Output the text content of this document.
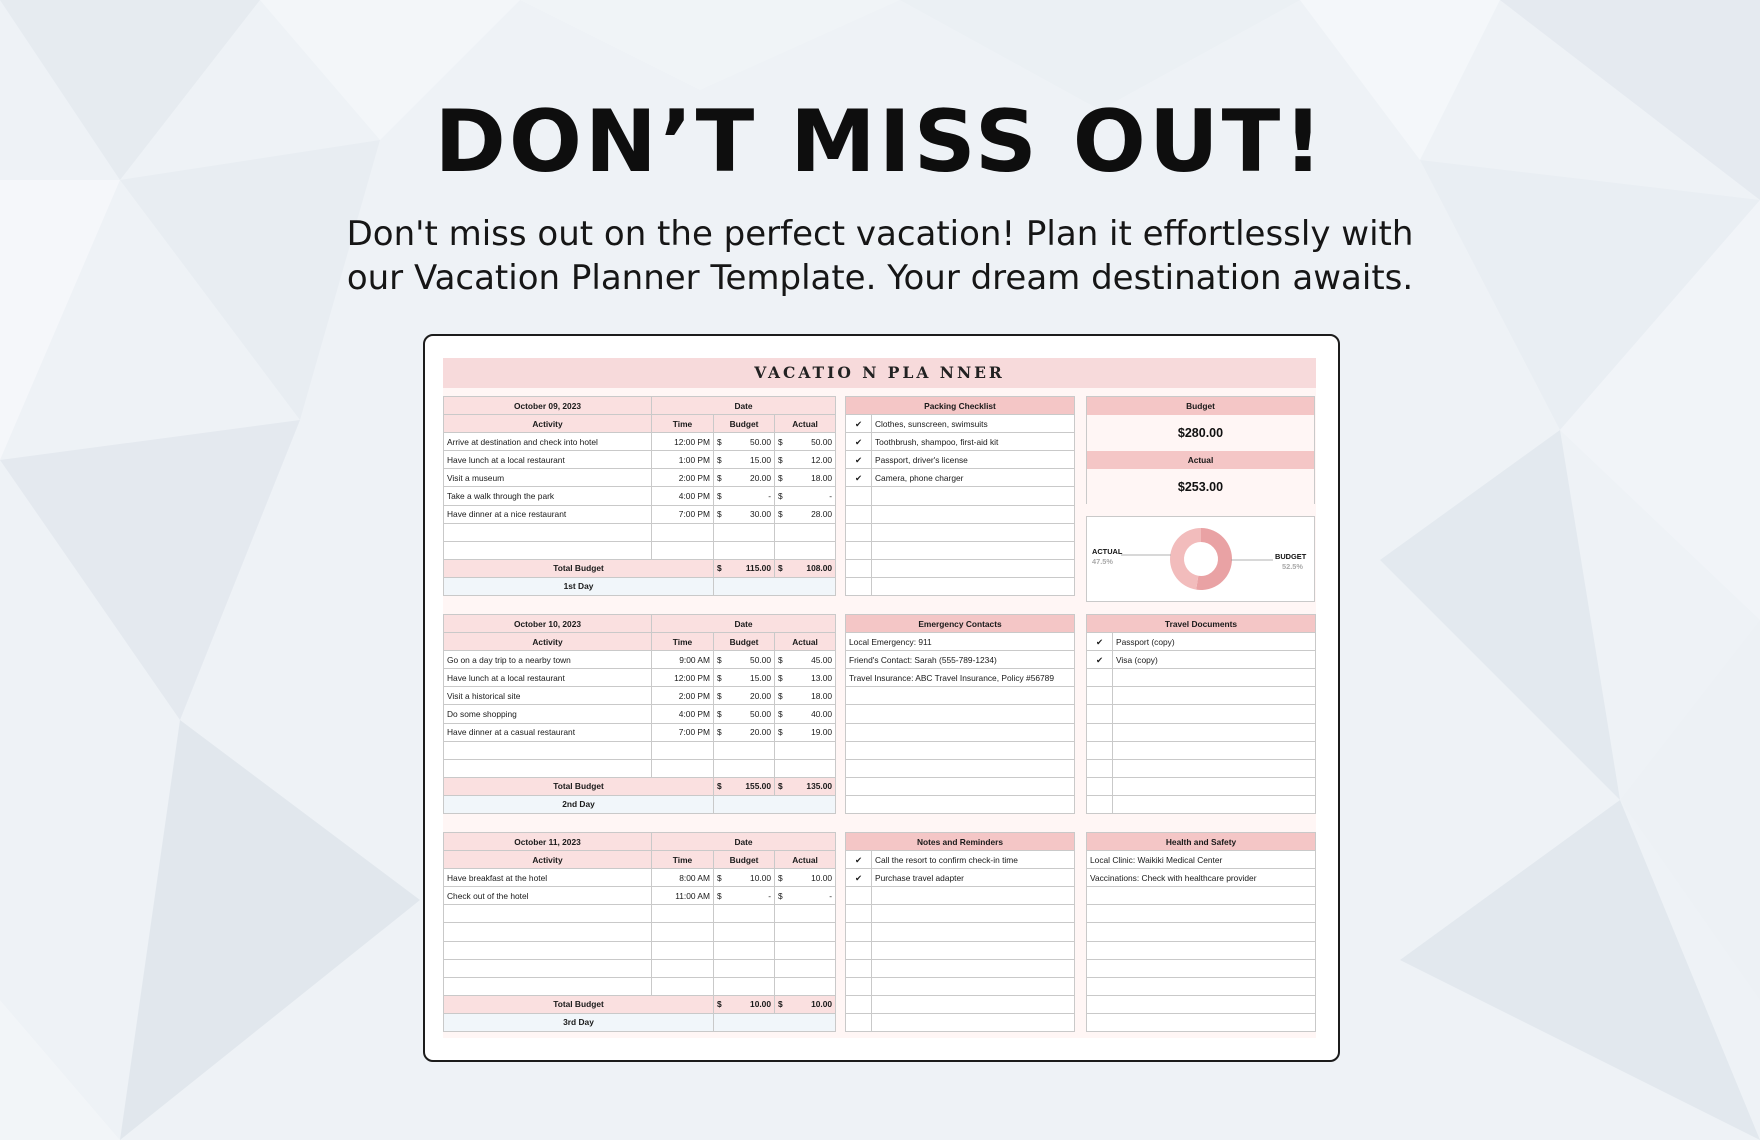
DON’T MISS OUT!
Don't miss out on the perfect vacation! Plan it effortlessly with
our Vacation Planner Template. Your dream destination awaits.
VACATIO N PLA NNER
October 09, 2023	Date		
Activity	Time	Budget	Actual
Arrive at destination and check into hotel	12:00 PM	$ 50.00	$ 50.00

Have lunch at a local restaurant	1:00 PM	$ 15.00	$ 12.00

Visit a museum	2:00 PM	$ 20.00	$ 18.00

Take a walk through the park	4:00 PM	$ -	$ -

Have dinner at a nice restaurant	7:00 PM	$ 30.00	$ 28.00

Total Budget		$ 115.00	$ 108.00

1st Day			
October 10, 2023	Date		
Activity	Time	Budget	Actual
Go on a day trip to a nearby town	9:00 AM	$ 50.00	$ 45.00

Have lunch at a local restaurant	12:00 PM	$ 15.00	$ 13.00

Visit a historical site	2:00 PM	$ 20.00	$ 18.00

Do some shopping	4:00 PM	$ 50.00	$ 40.00

Have dinner at a casual restaurant	7:00 PM	$ 20.00	$ 19.00

Total Budget		$ 155.00	$ 135.00

2nd Day			
October 11, 2023	Date		
Activity	Time	Budget	Actual
Have breakfast at the hotel	8:00 AM	$ 10.00	$ 10.00

Check out of the hotel	11:00 AM	$ -	$ -

Total Budget		$ 10.00	$ 10.00

3rd Day			
Packing Checklist	
✔	Clothes, sunscreen, swimsuits
✔	Toothbrush, shampoo, first-aid kit
✔	Passport, driver's license
✔	Camera, phone charger

Emergency Contacts
Local Emergency: 911
Friend's Contact: Sarah (555-789-1234)
Travel Insurance: ABC Travel Insurance, Policy #56789

Travel Documents	
✔	Passport (copy)
✔	Visa (copy)

Notes and Reminders	
✔	Call the resort to confirm check-in time
✔	Purchase travel adapter

Health and Safety
Local Clinic: Waikiki Medical Center
Vaccinations: Check with healthcare provider

Budget
$280.00
Actual
$253.00
ACTUAL
47.5%
BUDGET
52.5%
